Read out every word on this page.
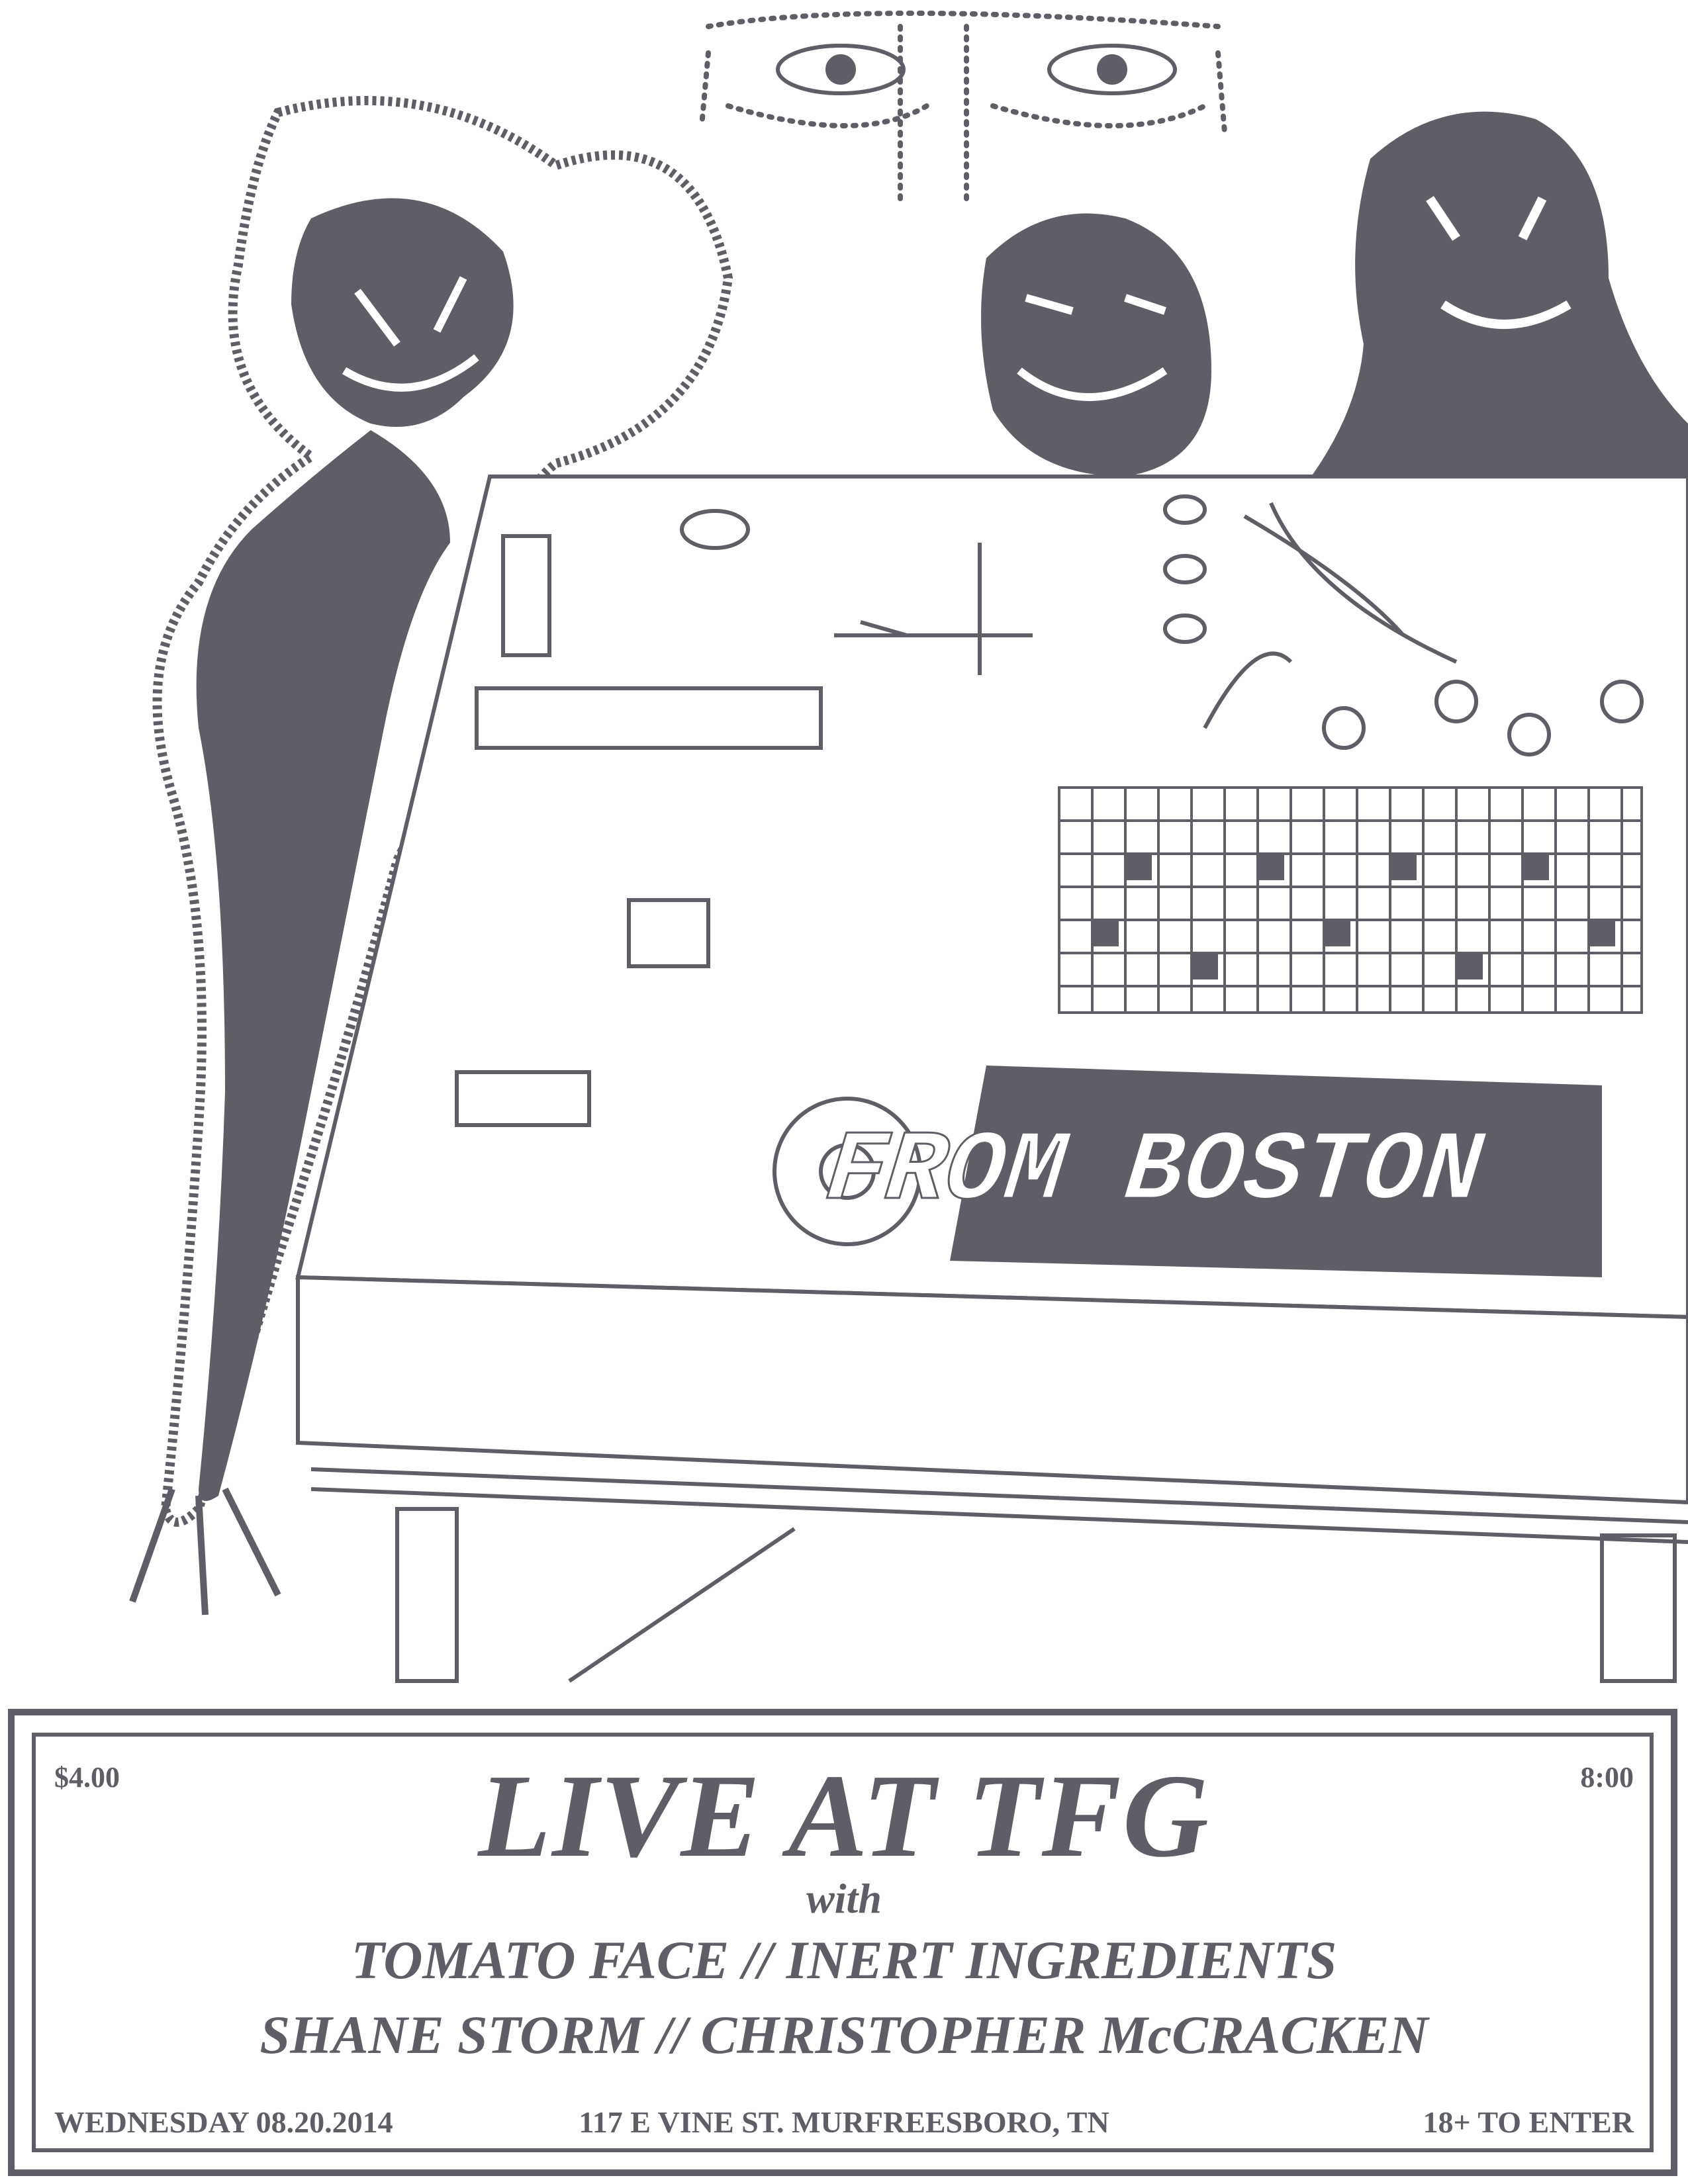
FROM BOSTON
$4.00	8:00
LIVE AT TFG
with
TOMATO FACE // INERT INGREDIENTS
SHANE STORM // CHRISTOPHER McCRACKEN
WEDNESDAY 08.20.2014	117 E VINE ST. MURFREESBORO, TN	18+ TO ENTER
